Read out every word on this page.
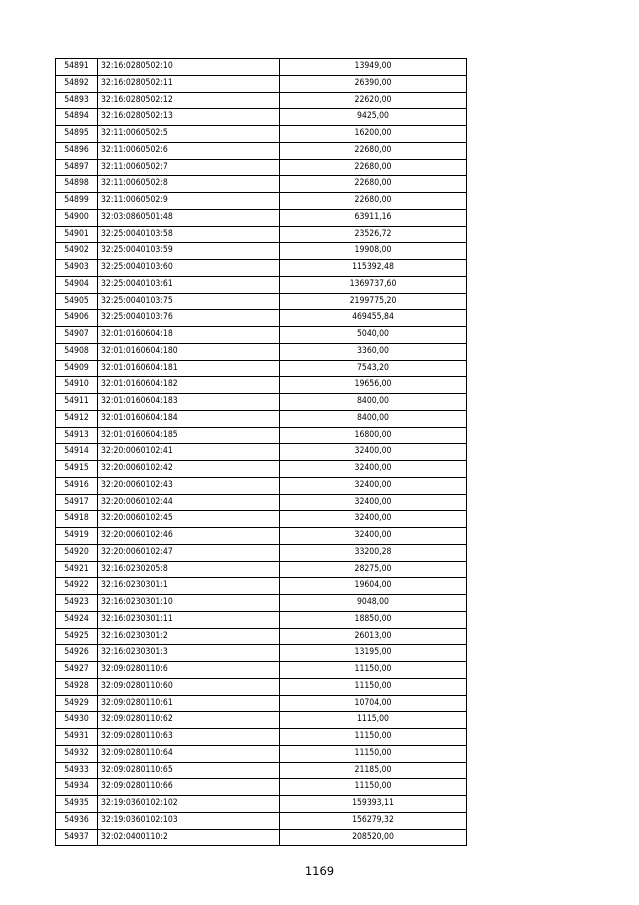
54891	32:16:0280502:10	13949,00
54892	32:16:0280502:11	26390,00
54893	32:16:0280502:12	22620,00
54894	32:16:0280502:13	9425,00
54895	32:11:0060502:5	16200,00
54896	32:11:0060502:6	22680,00
54897	32:11:0060502:7	22680,00
54898	32:11:0060502:8	22680,00
54899	32:11:0060502:9	22680,00
54900	32:03:0860501:48	63911,16
54901	32:25:0040103:58	23526,72
54902	32:25:0040103:59	19908,00
54903	32:25:0040103:60	115392,48
54904	32:25:0040103:61	1369737,60
54905	32:25:0040103:75	2199775,20
54906	32:25:0040103:76	469455,84
54907	32:01:0160604:18	5040,00
54908	32:01:0160604:180	3360,00
54909	32:01:0160604:181	7543,20
54910	32:01:0160604:182	19656,00
54911	32:01:0160604:183	8400,00
54912	32:01:0160604:184	8400,00
54913	32:01:0160604:185	16800,00
54914	32:20:0060102:41	32400,00
54915	32:20:0060102:42	32400,00
54916	32:20:0060102:43	32400,00
54917	32:20:0060102:44	32400,00
54918	32:20:0060102:45	32400,00
54919	32:20:0060102:46	32400,00
54920	32:20:0060102:47	33200,28
54921	32:16:0230205:8	28275,00
54922	32:16:0230301:1	19604,00
54923	32:16:0230301:10	9048,00
54924	32:16:0230301:11	18850,00
54925	32:16:0230301:2	26013,00
54926	32:16:0230301:3	13195,00
54927	32:09:0280110:6	11150,00
54928	32:09:0280110:60	11150,00
54929	32:09:0280110:61	10704,00
54930	32:09:0280110:62	1115,00
54931	32:09:0280110:63	11150,00
54932	32:09:0280110:64	11150,00
54933	32:09:0280110:65	21185,00
54934	32:09:0280110:66	11150,00
54935	32:19:0360102:102	159393,11
54936	32:19:0360102:103	156279,32
54937	32:02:0400110:2	208520,00
1169
